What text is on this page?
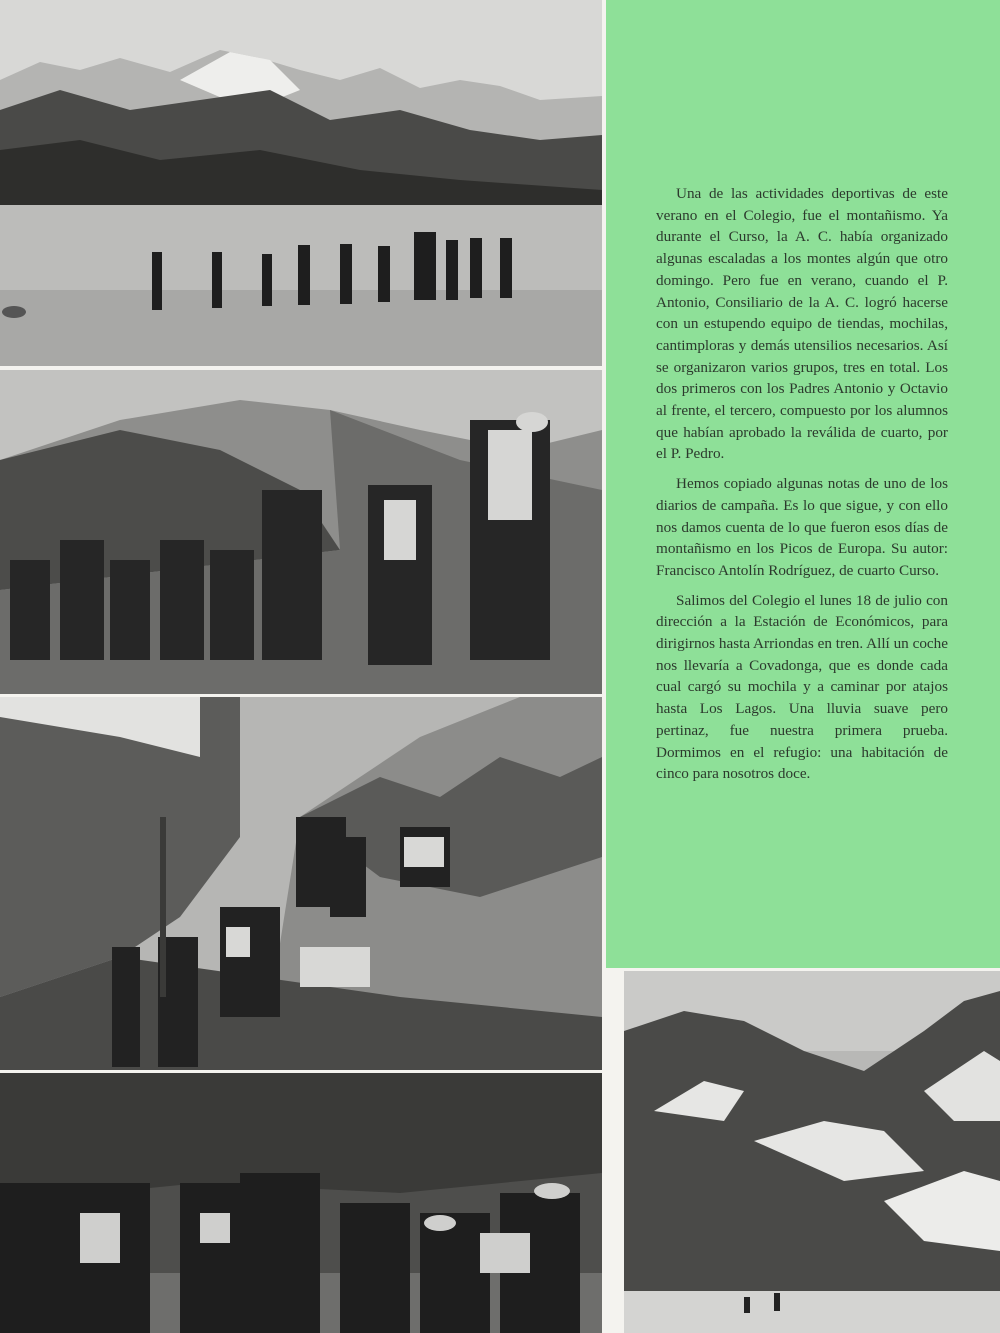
Una de las actividades deportivas de este verano en el Colegio, fue el montañismo. Ya durante el Curso, la A. C. había organizado algunas escaladas a los montes algún que otro domingo. Pero fue en verano, cuando el P. Antonio, Consiliario de la A. C. logró hacerse con un estupendo equipo de tiendas, mochilas, cantimploras y demás utensilios necesarios. Así se organizaron varios grupos, tres en total. Los dos primeros con los Padres Antonio y Octavio al frente, el tercero, compuesto por los alumnos que habían aprobado la reválida de cuarto, por el P. Pedro.

Hemos copiado algunas notas de uno de los diarios de campaña. Es lo que sigue, y con ello nos damos cuenta de lo que fueron esos días de montañismo en los Picos de Europa. Su autor: Francisco Antolín Rodríguez, de cuarto Curso.

Salimos del Colegio el lunes 18 de julio con dirección a la Estación de Económicos, para dirigirnos hasta Arriondas en tren. Allí un coche nos llevaría a Covadonga, que es donde cada cual cargó su mochila y a caminar por atajos hasta Los Lagos. Una lluvia suave pero pertinaz, fue nuestra primera prueba. Dormimos en el refugio: una habitación de cinco para nosotros doce.
